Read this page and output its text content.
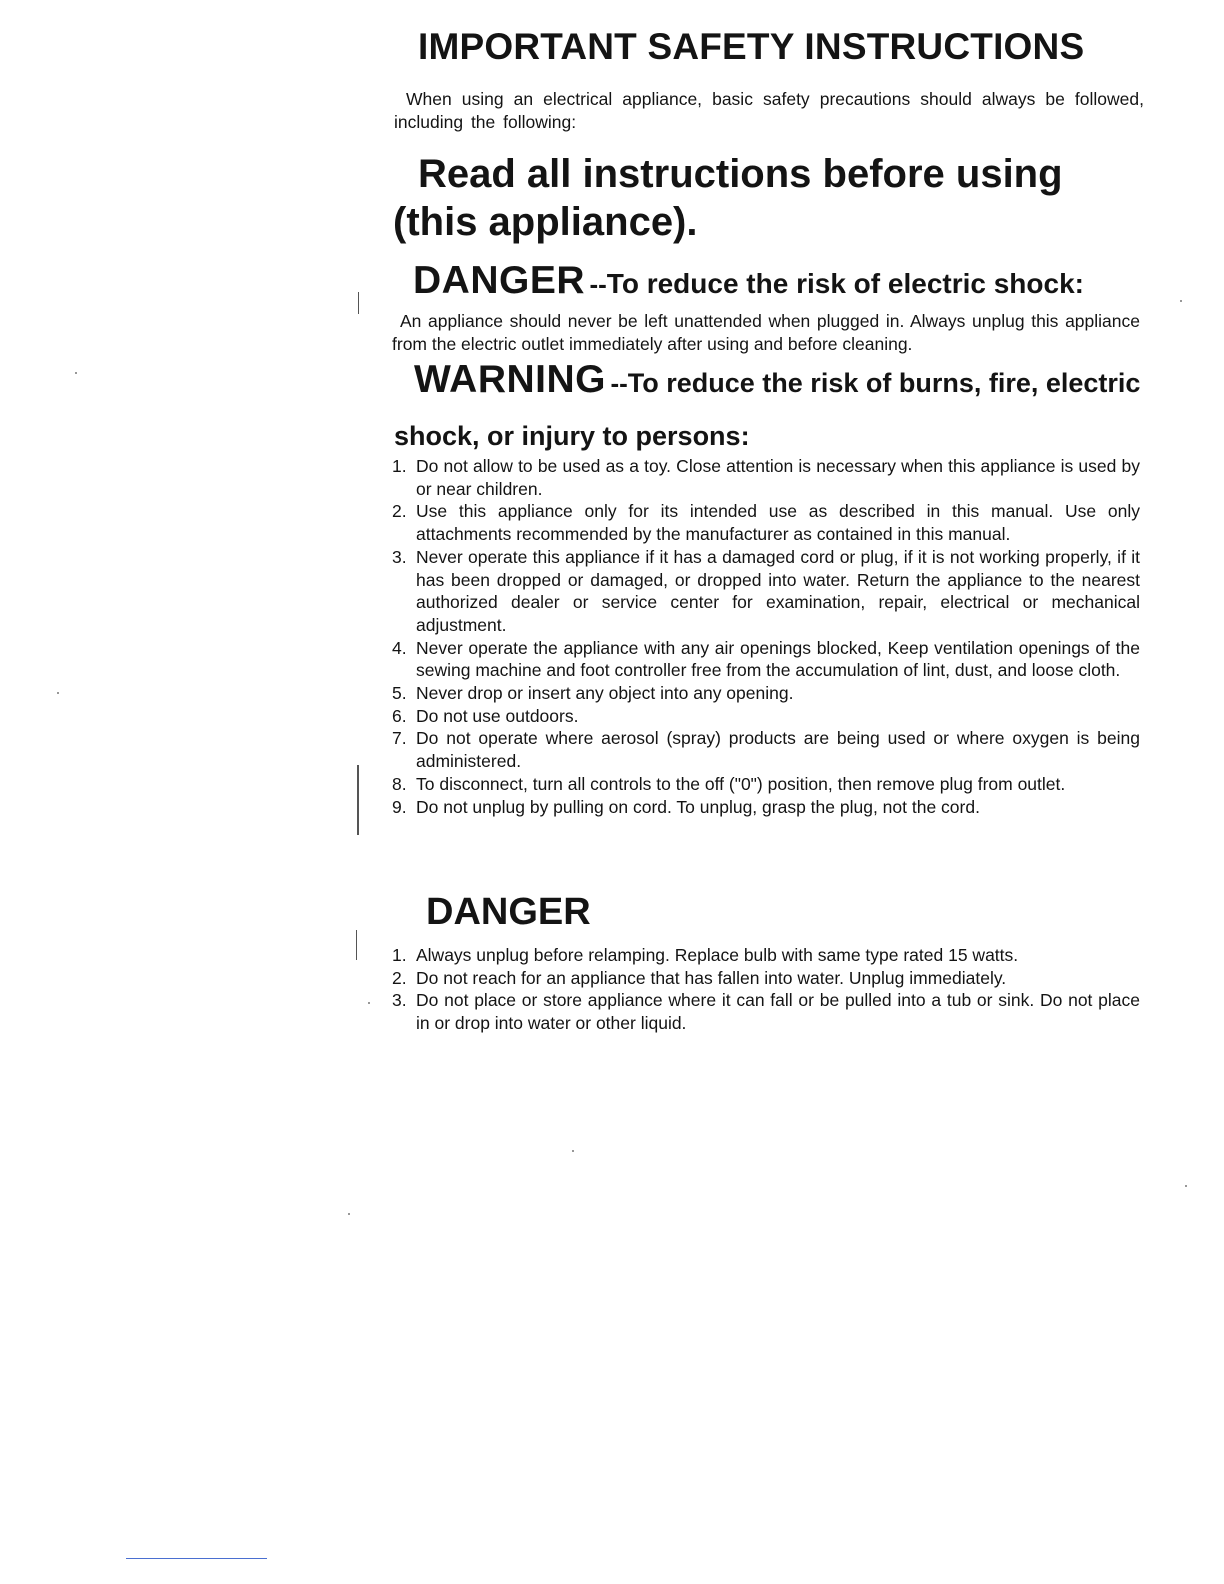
IMPORTANT SAFETY INSTRUCTIONS
When using an electrical appliance, basic safety precautions should always be followed, including the following:
Read all instructions before using (this appliance).
DANGER --To reduce the risk of electric shock:
An appliance should never be left unattended when plugged in. Always unplug this appliance from the electric outlet immediately after using and before cleaning.
WARNING --To reduce the risk of burns, fire, electric shock, or injury to persons:
1. Do not allow to be used as a toy. Close attention is necessary when this appliance is used by or near children.
2. Use this appliance only for its intended use as described in this manual. Use only attachments recommended by the manufacturer as contained in this manual.
3. Never operate this appliance if it has a damaged cord or plug, if it is not working properly, if it has been dropped or damaged, or dropped into water. Return the appliance to the nearest authorized dealer or service center for examination, repair, electrical or mechanical adjustment.
4. Never operate the appliance with any air openings blocked, Keep ventilation openings of the sewing machine and foot controller free from the accumulation of lint, dust, and loose cloth.
5. Never drop or insert any object into any opening.
6. Do not use outdoors.
7. Do not operate where aerosol (spray) products are being used or where oxygen is being administered.
8. To disconnect, turn all controls to the off ("0") position, then remove plug from outlet.
9. Do not unplug by pulling on cord. To unplug, grasp the plug, not the cord.
DANGER
1. Always unplug before relamping. Replace bulb with same type rated 15 watts.
2. Do not reach for an appliance that has fallen into water. Unplug immediately.
3. Do not place or store appliance where it can fall or be pulled into a tub or sink. Do not place in or drop into water or other liquid.
